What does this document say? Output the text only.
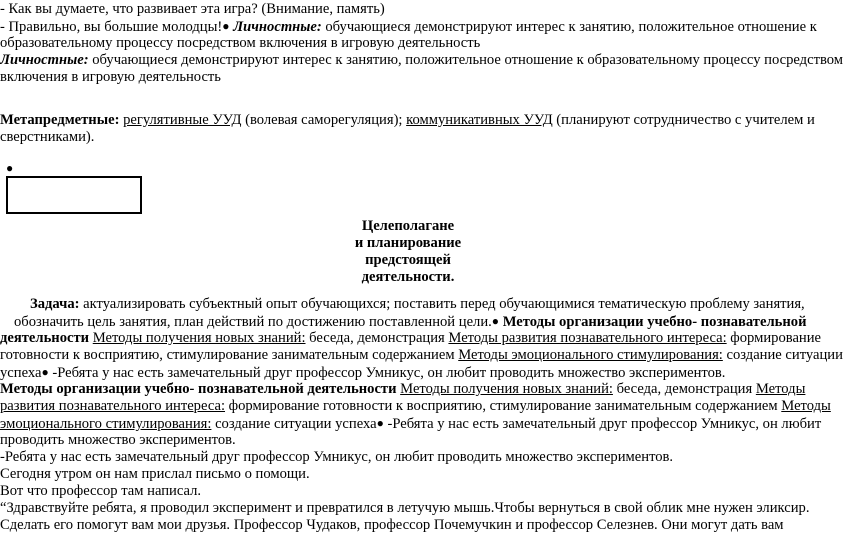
- Как вы думаете, что развивает эта игра? (Внимание, память)
- Правильно, вы большие молодцы!● Личностные: обучающиеся демонстрируют интерес к занятию, положительное отношение к
образовательному процессу посредством включения в игровую деятельность
Личностные: обучающиеся демонстрируют интерес к занятию, положительное отношение к образовательному процессу посредством
включения в игровую деятельность
Метапредметные: регулятивные УУД (волевая саморегуляция); коммуникативных УУД (планируют сотрудничество с учителем и
сверстниками).
●
Целеполагане
и планирование
предстоящей
деятельности.
Задача: актуализировать субъектный опыт обучающихся; поставить перед обучающимися тематическую проблему занятия,
обозначить цель занятия, план действий по достижению поставленной цели.● Методы организации учебно- познавательной
деятельности Методы получения новых знаний: беседа, демонстрация Методы развития познавательного интереса: формирование
готовности к восприятию, стимулирование занимательным содержанием Методы эмоционального стимулирования: создание ситуации
успеха● -Ребята у нас есть замечательный друг профессор Умникус, он любит проводить множество экспериментов.
Методы организации учебно- познавательной деятельности Методы получения новых знаний: беседа, демонстрация Методы
развития познавательного интереса: формирование готовности к восприятию, стимулирование занимательным содержанием Методы
эмоционального стимулирования: создание ситуации успеха● -Ребята у нас есть замечательный друг профессор Умникус, он любит
проводить множество экспериментов.
-Ребята у нас есть замечательный друг профессор Умникус, он любит проводить множество экспериментов.
Сегодня утром он нам прислал письмо о помощи.
Вот что профессор там написал.
“Здравствуйте ребята, я проводил эксперимент и превратился в летучую мышь.Чтобы вернуться в свой облик мне нужен эликсир.
Сделать его помогут вам мои друзья. Профессор Чудаков, профессор Почемучкин и профессор Селезнев. Они могут дать вам
